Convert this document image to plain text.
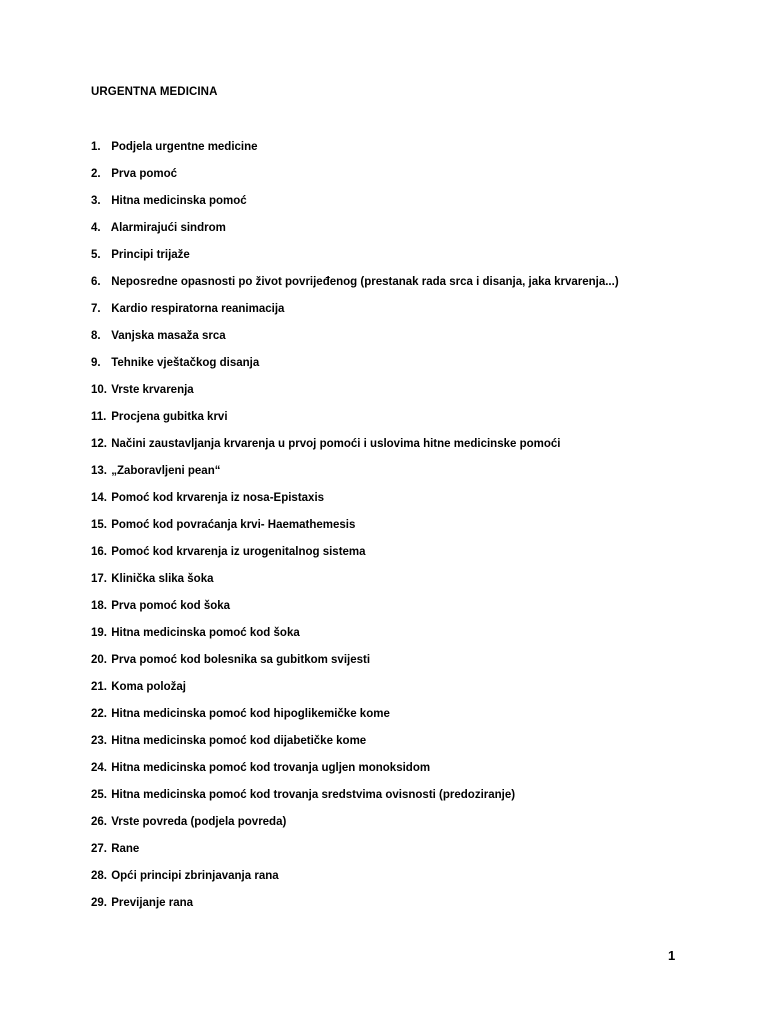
URGENTNA MEDICINA
1. Podjela urgentne medicine
2. Prva pomoć
3. Hitna medicinska pomoć
4. Alarmirajući sindrom
5. Principi trijaže
6. Neposredne opasnosti po život povrijeđenog (prestanak rada srca i disanja, jaka krvarenja...)
7. Kardio respiratorna reanimacija
8. Vanjska masaža srca
9. Tehnike vještačkog disanja
10. Vrste krvarenja
11. Procjena gubitka krvi
12. Načini zaustavljanja krvarenja u prvoj pomoći i uslovima hitne medicinske pomoći
13. „Zaboravljeni pean“
14. Pomoć kod krvarenja iz nosa-Epistaxis
15. Pomoć kod povraćanja krvi- Haemathemesis
16. Pomoć kod krvarenja iz urogenitalnog sistema
17. Klinička slika šoka
18. Prva pomoć kod šoka
19. Hitna medicinska pomoć kod šoka
20. Prva pomoć kod bolesnika sa gubitkom svijesti
21. Koma položaj
22. Hitna medicinska pomoć kod hipoglikemičke kome
23. Hitna medicinska pomoć kod dijabetičke kome
24. Hitna medicinska pomoć kod trovanja ugljen monoksidom
25. Hitna medicinska pomoć kod trovanja sredstvima ovisnosti (predoziranje)
26. Vrste povreda (podjela povreda)
27. Rane
28. Opći principi zbrinjavanja rana
29. Previjanje rana
1
